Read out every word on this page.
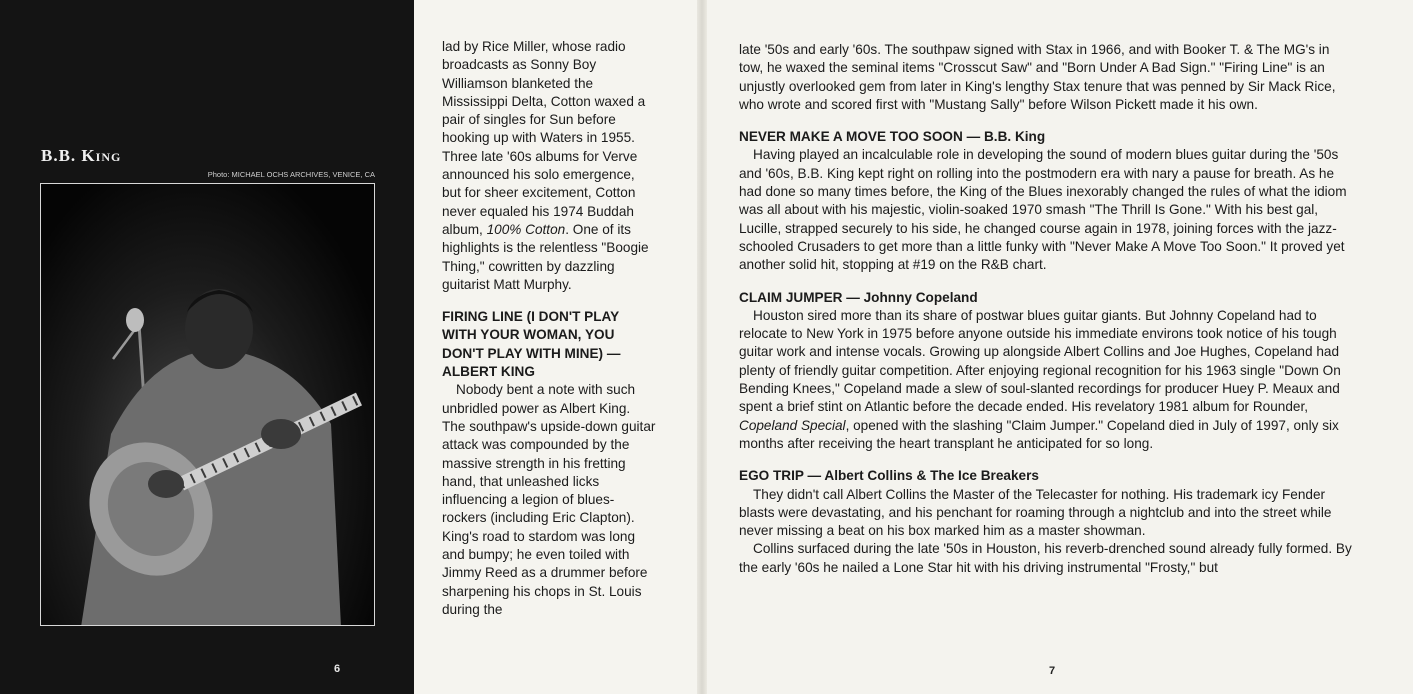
B.B. King
Photo: MICHAEL OCHS ARCHIVES, VENICE, CA
6

lad by Rice Miller, whose radio broadcasts as Sonny Boy Williamson blanketed the Mississippi Delta, Cotton waxed a pair of singles for Sun before hooking up with Waters in 1955. Three late '60s albums for Verve announced his solo emergence, but for sheer excitement, Cotton never equaled his 1974 Buddah album, 100% Cotton. One of its highlights is the relentless "Boogie Thing," cowritten by dazzling guitarist Matt Murphy.

FIRING LINE (I DON'T PLAY WITH YOUR WOMAN, YOU DON'T PLAY WITH MINE)— ALBERT KING

Nobody bent a note with such unbridled power as Albert King. The southpaw's upside-down guitar attack was compounded by the massive strength in his fretting hand, that unleashed licks influencing a legion of blues-rockers (including Eric Clapton). King's road to stardom was long and bumpy; he even toiled with Jimmy Reed as a drummer before sharpening his chops in St. Louis during the

late '50s and early '60s. The southpaw signed with Stax in 1966, and with Booker T. & The MG's in tow, he waxed the seminal items "Crosscut Saw" and "Born Under A Bad Sign." "Firing Line" is an unjustly overlooked gem from later in King's lengthy Stax tenure that was penned by Sir Mack Rice, who wrote and scored first with "Mustang Sally" before Wilson Pickett made it his own.

NEVER MAKE A MOVE TOO SOON — B.B. King

Having played an incalculable role in developing the sound of modern blues guitar during the '50s and '60s, B.B. King kept right on rolling into the postmodern era with nary a pause for breath. As he had done so many times before, the King of the Blues inexorably changed the rules of what the idiom was all about with his majestic, violin-soaked 1970 smash "The Thrill Is Gone." With his best gal, Lucille, strapped securely to his side, he changed course again in 1978, joining forces with the jazz-schooled Crusaders to get more than a little funky with "Never Make A Move Too Soon." It proved yet another solid hit, stopping at #19 on the R&B chart.

CLAIM JUMPER — Johnny Copeland

Houston sired more than its share of postwar blues guitar giants. But Johnny Copeland had to relocate to New York in 1975 before anyone outside his immediate environs took notice of his tough guitar work and intense vocals. Growing up alongside Albert Collins and Joe Hughes, Copeland had plenty of friendly guitar competition. After enjoying regional recognition for his 1963 single "Down On Bending Knees," Copeland made a slew of soul-slanted recordings for producer Huey P. Meaux and spent a brief stint on Atlantic before the decade ended. His revelatory 1981 album for Rounder, Copeland Special, opened with the slashing "Claim Jumper." Copeland died in July of 1997, only six months after receiving the heart transplant he anticipated for so long.

EGO TRIP — Albert Collins & The Ice Breakers

They didn't call Albert Collins the Master of the Telecaster for nothing. His trademark icy Fender blasts were devastating, and his penchant for roaming through a nightclub and into the street while never missing a beat on his box marked him as a master showman.

Collins surfaced during the late '50s in Houston, his reverb-drenched sound already fully formed. By the early '60s he nailed a Lone Star hit with his driving instrumental "Frosty," but

7
